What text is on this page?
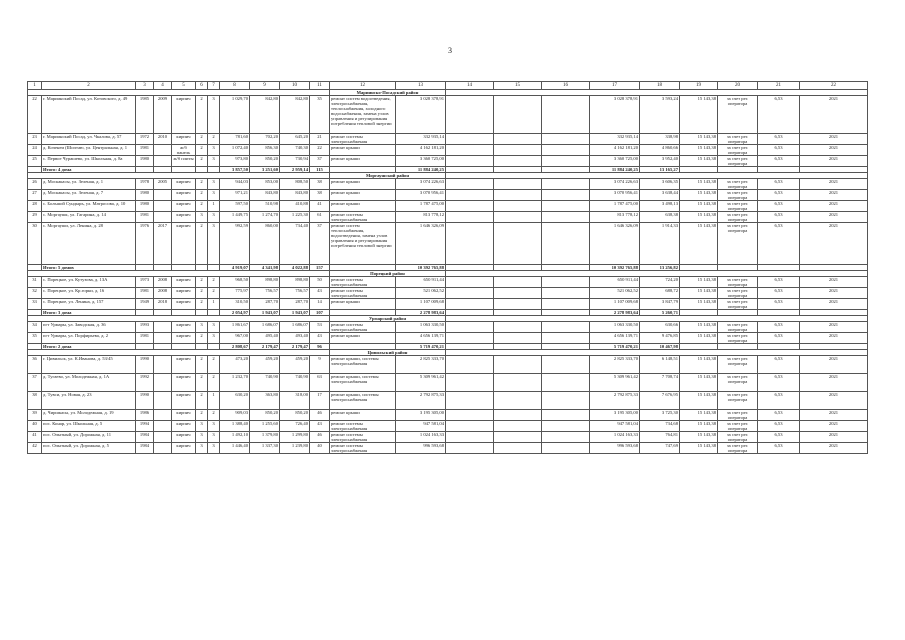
3
1	2	3	4	5	6	7	8	9	10	11	12	13	14	15	16	17	18	19	20	21	22
											Мариинско-Посадский район										
22	г. Мариинский Посад, ул. Котовского, д. 49	1985	2009	кирпич	2	3	1 029,70	842,80	842,80	35	ремонт систем водоотведения, электроснабжения, теплоснабжения, холодного водоснабжения, замена узлов управления и регулирования потребления тепловой энергии	3 028 378,91				3 028 378,91	3 593,24	15 143,38	за счет рег. оператора	6,53	2021
23	г. Мариинский Посад, ул. Чкалова, д. 57	1972	2010	кирпич	2	2	781,60	702,20	645,20	21	ремонт системы электроснабжения	332 935,14				332 935,14	338,98	15 143,38	за счет рег. оператора	6,53	2021
24	д. Коченеи (Шоптаю, ул. Центральная, д. 1	1981		ж/б панель	2	3	1 072,40	856,30	740,30	22	ремонт крыши	4 162 181,20				4 162 181,20	4 860,66	15 143,38	за счет рег. оператора	6,53	2021
25	с. Первое Чурашево, ул. Школьная, д. 8а	1980		ж/б плиты	2	3	973,80	850,20	730,94	37	ремонт крыши	3 360 725,00				3 360 725,00	3 952,40	15 143,38	за счет рег. оператора	6,53	2021
	Итого: 4 дома						3 857,50	3 251,60	2 959,14	115		11 884 240,25				11 884 240,25	13 165,27				
											Моргаушский район										
26	д. Москакасы, ул. Зеленая, д. 1	1978	2005	кирпич	2	3	944,03	853,00	808,50	38	ремонт крыши	3 074 226,63				3 074 226,63	3 606,35	15 143,38	за счет рег. оператора	6,53	2021
27	д. Москакасы, ул. Зеленая, д. 7	1980		кирпич	2	3	971,21	843,80	843,80	38	ремонт крыши	3 070 956,41				3 070 956,41	3 638,44	15 143,38	за счет рег. оператора	6,53	2021
28	с. Большой Сундырь, ул. Матросова, д. 10	1980		кирпич	2	1	597,50	510,98	410,88	41	ремонт крыши	1 787 475,00				1 787 475,00	3 498,13	15 143,38	за счет рег. оператора	6,53	2021
29	с. Моргаушк, ул. Гагарина, д. 14	1981		кирпич	3	3	1 449,75	1 274,70	1 225,30	61	ремонт системы электроснабжения	813 778,12				813 778,12	638,38	15 143,38	за счет рег. оператора	6,53	2021
30	с. Моргауши, ул. Ленина, д. 28	1976	2017	кирпич	2	3	992,59	860,00	734,40	37	ремонт систем теплоснабжения, водоотведения, замена узлов управления и регулирования потребления тепловой энергии	1 646 326,09				1 646 326,09	1 914,33	15 143,38	за счет рег. оператора	6,53	2021
	Итого: 5 домов						4 919,07	4 341,98	4 022,88	157		10 392 765,88				10 392 765,88	13 256,82				
											Порецкий район										
31	с. Порецкое, ул. Кутузова, д. 13А	1973	2008	кирпич	2	2	968,50	898,80	898,80	50	ремонт системы электроснабжения	650 911,44				650 911,44	724,20	15 143,38	за счет рег. оператора	6,53	2021
32	с. Порецкое, ул. Кр.горки, д. 16	1981	2008	кирпич	2	2	775,97	756,57	756,57	43	ремонт системы электроснабжения	521 062,52				521 062,52	688,72	15 143,38	за счет рег. оператора	6,53	2021
33	с. Порецкое, ул. Ленина, д. 157	1949	2018	кирпич	2	1	310,50	287,70	287,70	14	ремонт крыши	1 107 009,68				1 107 009,68	3 847,79	15 143,38	за счет рег. оператора	6,53	2021
	Итого: 3 дома						2 054,97	1 943,07	1 943,07	107		2 278 983,64				2 278 983,64	5 260,71				
											Урмарский район										
34	пгт Урмары, ул. Заводская, д. 36	1993		кирпич	3	3	1 861,67	1 686,07	1 686,07	53	ремонт системы электроснабжения	1 063 330,50				1 063 330,50	630,66	15 143,38	за счет рег. оператора	6,53	2021
35	пгт Урмары, ул. Порфирьева, д. 2	1981		кирпич	2	3	967,00	495,40	493,40	43	ремонт крыши	4 656 139,71				4 656 139,71	9 476,85	15 143,38	за счет рег. оператора	6,53	2021
	Итого: 2 дома						2 808,67	2 179,47	2 179,47	96		5 719 470,21				5 719 470,21	10 467,98				
											Цивильский район										
36	г. Цивильск, ул. К.Иванова, д. 53/45	1990		кирпич	2	2	473,20	459,20	459,20	9	ремонт крыши, системы электроснабжения	2 825 333,70				2 825 333,70	6 148,51	15 143,38	за счет рег. оператора	6,53	2021
37	д. Тугаево, ул. Молодежная, д. 1А	1992		кирпич	2	2	1 232,70	740,90	740,90	63	ремонт крыши, системы электроснабжения	5 309 961,42				5 309 961,42	7 708,74	15 143,38	за счет рег. оператора	6,53	2021
38	д. Тувси, ул. Новая, д. 23	1990		кирпич	2	1	630,20	363,80	318,00	17	ремонт крыши, системы электроснабжения	2 792 875,33				2 792 875,33	7 676,95	15 143,38	за счет рег. оператора	6,53	2021
39	д. Чиршкасы, ул. Молодежная, д. 19	1986		кирпич	2	2	909,03	850,20	850,20	46	ремонт крыши	3 195 305,00				3 195 305,00	3 725,30	15 143,38	за счет рег. оператора	6,53	2021
40	пос. Конар, ул. Школьная, д. 5	1994		кирпич	3	3	1 388,40	1 255,60	726,40	43	ремонт системы электроснабжения	947 581,04				947 581,04	734,68	15 143,38	за счет рег. оператора	6,53	2021
41	пос. Опытный, ул. Дорожная, д. 11	1984		кирпич	3	3	1 492,10	1 379,80	1 299,80	46	ремонт системы электроснабжения	1 024 163,33				1 024 163,33	764,81	15 143,38	за счет рег. оператора	6,53	2021
42	пос. Опытный, ул. Дорожная, д. 5	1984		кирпич	3	3	1 446,40	1 337,30	1 239,80	40	ремонт системы электроснабжения	996 593,68				996 593,68	747,69	15 143,38	за счет рег. оператора	6,53	2021
